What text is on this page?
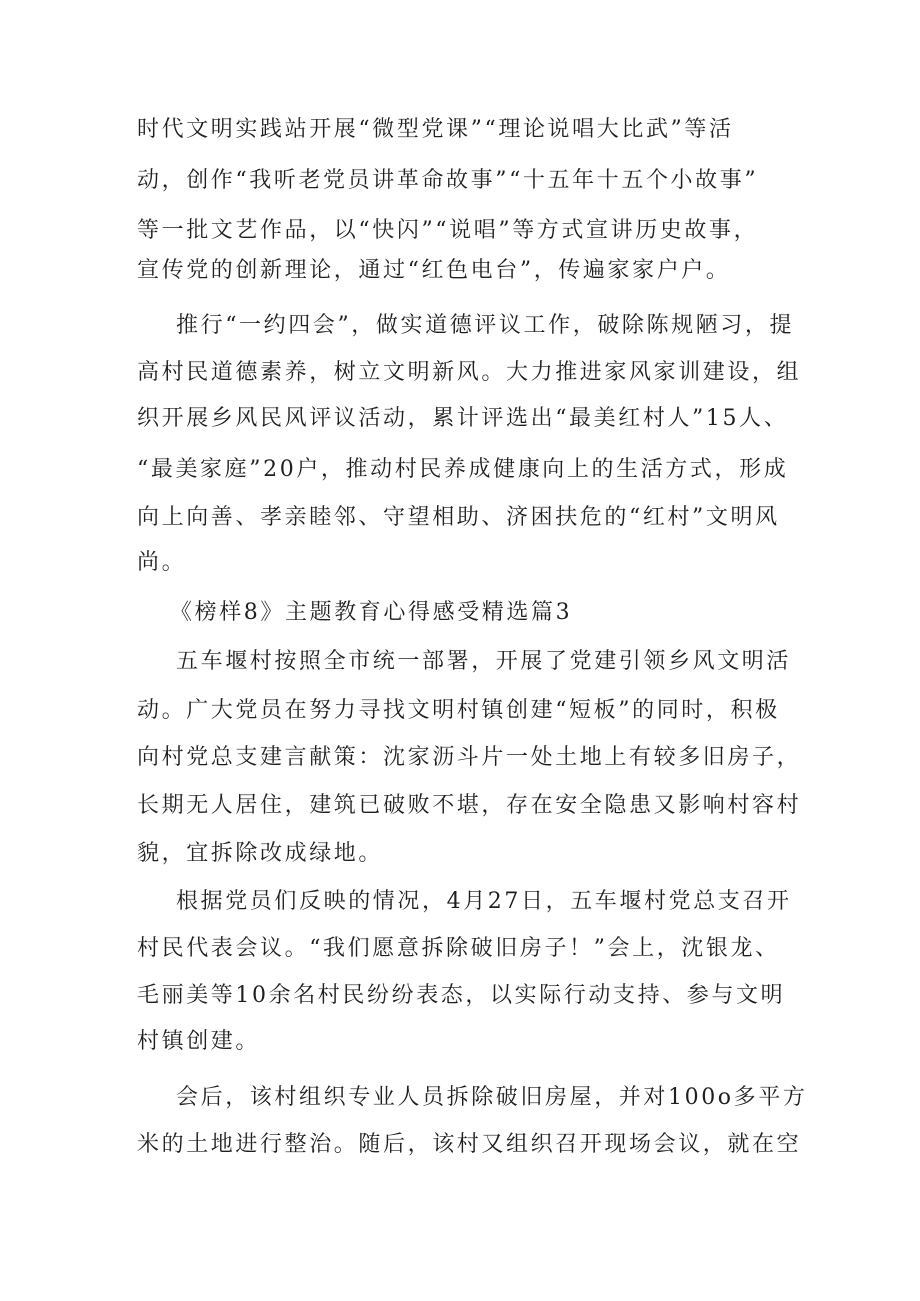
时代文明实践站开展“微型党课”“理论说唱大比武”等活
动，创作“我听老党员讲革命故事”“十五年十五个小故事”
等一批文艺作品，以“快闪”“说唱”等方式宣讲历史故事，
宣传党的创新理论，通过“红色电台”，传遍家家户户。
推行“一约四会”，做实道德评议工作，破除陈规陋习，提
高村民道德素养，树立文明新风。大力推进家风家训建设，组
织开展乡风民风评议活动，累计评选出“最美红村人”15人、
“最美家庭”20户，推动村民养成健康向上的生活方式，形成
向上向善、孝亲睦邻、守望相助、济困扶危的“红村”文明风
尚。
《榜样8》主题教育心得感受精选篇3
五车堰村按照全市统一部署，开展了党建引领乡风文明活
动。广大党员在努力寻找文明村镇创建“短板”的同时，积极
向村党总支建言献策：沈家沥斗片一处土地上有较多旧房子，
长期无人居住，建筑已破败不堪，存在安全隐患又影响村容村
貌，宜拆除改成绿地。
根据党员们反映的情况，4月27日，五车堰村党总支召开
村民代表会议。“我们愿意拆除破旧房子！”会上，沈银龙、
毛丽美等10余名村民纷纷表态，以实际行动支持、参与文明
村镇创建。
会后，该村组织专业人员拆除破旧房屋，并对100o多平方
米的土地进行整治。随后，该村又组织召开现场会议，就在空
